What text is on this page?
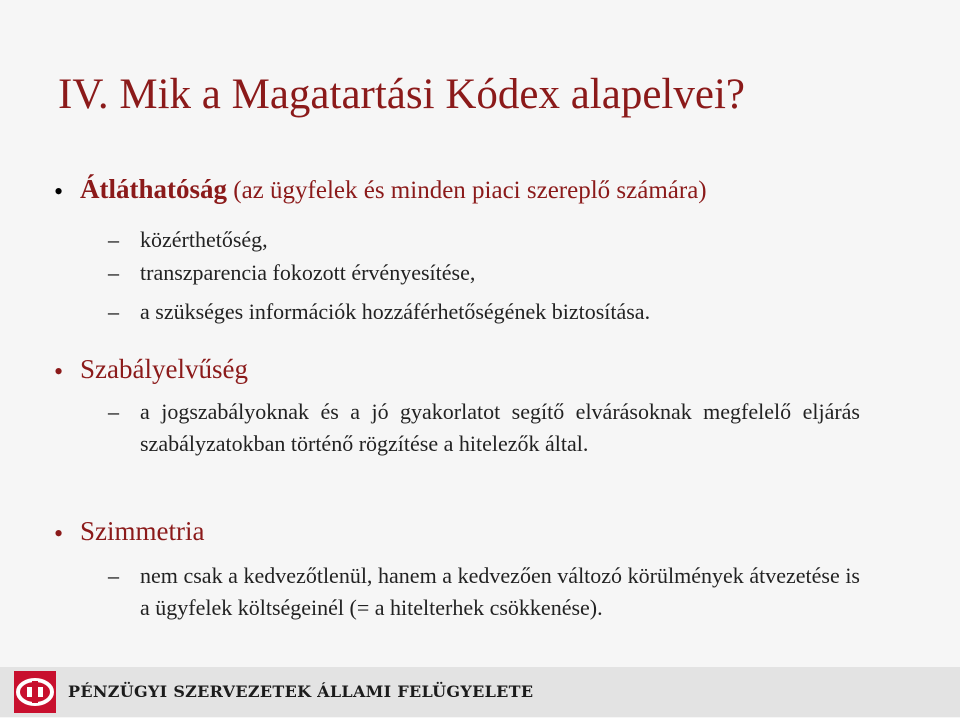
IV. Mik a Magatartási Kódex alapelvei?
• Átláthatóság (az ügyfelek és minden piaci szereplő számára)
– közérthetőség,
– transzparencia fokozott érvényesítése,
– a szükséges információk hozzáférhetőségének biztosítása.
• Szabályelvűség
– a jogszabályoknak és a jó gyakorlatot segítő elvárásoknak megfelelő eljárás szabályzatokban történő rögzítése a hitelezők által.
• Szimmetria
– nem csak a kedvezőtlenül, hanem a kedvezően változó körülmények átvezetése is a ügyfelek költségeinél (= a hitelterhek csökkenése).
PÉNZÜGYI SZERVEZETEK ÁLLAMI FELÜGYELETE
